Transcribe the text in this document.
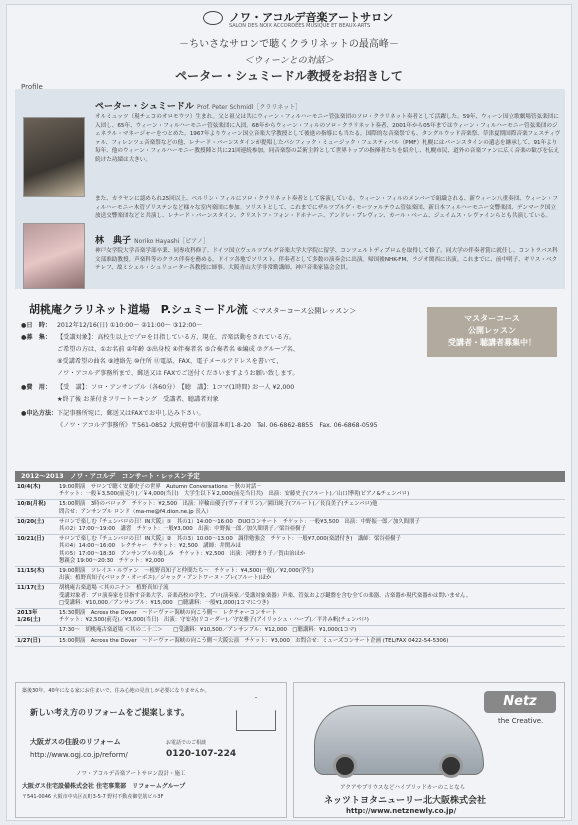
ノワ・アコルデ音楽アートサロン
SALON DES NOIX ACCORDEES MUSIQUE ET BEAUX-ARTS
－ちいさなサロンで聴くクラリネットの最高峰－
＜ウィーンとの対話＞
ペーター・シュミードル教授をお招きして
Profile
ペーター・シュミードル Prof. Peter Schmidl［クラリネット］
オルミュッツ（現チェコのオロモウツ）生まれ。父と祖父は共にウィーン・フィルハーモニー管弦楽団のソロ・クラリネット奏者として活躍した。59年、ウィーン国立歌劇場管弦楽団に入団し、65年、ウィーン・フィルハーモニー管弦楽団に入団。68年からウィーン・フィルのソロ・クラリネット奏者、2001年から05年まではウィーン・フィルハーモニー管弦楽団のジェネラル・マネージャーをつとめた。1967年よりウィーン国立音楽大学教授として後進の指導にも当たる。国際的な音楽祭でも、タングルウッド音楽祭、草津夏期国際音楽フェスティヴァル、フィレンツェ音楽祭などの他、レナード・バーンスタインが提唱したパシフィック・ミュージック・フェスティバル（PMF）札幌にはバーンスタインの遺志を継承して、91年より毎年、他のウィーン・フィルハーモニー教授陣と共に21回連続参加。同音楽祭の芸術主幹として世界トップの指揮者たちを紹介し、札幌市民、道外の音楽ファンに広く音楽の歓びを伝え続けた功績は大きい。
また、カラヤンに認められ25回以上、ベルリン・フィルにソロ・クラリネット奏者として客演している。ウィーン・フィルのメンバーで組織される、新ウィーン八重奏団、ウィーン・フィルハーモニー木管ゾリステンなど様々な室内楽団に参加。ソリストとして、これまでにザルツブルグ・モーツァルテウム管弦楽団、新日本フィルハーモニー交響楽団、デンマーク国立放送交響楽団などと共演し、レナード・バーンスタイン、クリストフ・フォン・ドホナーニ、アンドレ・プレヴィン、カール・ベーム、ジェイムス・レヴァインらとも共演している。
林　典子 Noriko Hayashi［ピアノ］
神戸女学院大学音楽学部卒業、同専攻科修了。ドイツ国立ヴュルツブルグ音楽大学大学院に留学、コンツェルトディプロムを取得して修了。同大学の伴奏者賞に就任し、コントラバス科文部准助教授。声楽科等のクラス伴奏を務める。ドイツ各地でソリスト、伴奏者として多数の演奏会に出演。帰国後NHK-FM、ラジオ関西に出演。これまでに、前中明子、ギリス・ベクテレフ、故ミシェル・シュリューター各教授に師事。大阪青山大学非常勤講師、神戸音楽家協会会員。
胡桃庵クラリネット道場　P.シュミードル流 ＜マスターコース公開レッスン＞
マスターコース
公開レッスン
受講者・聴講者募集中！
●日　時： 2012年12/16(日) ①10:00～ ②11:00～ ③12:00～
●募　集： 【受講対象】：高校生以上でプロを目指している方、現在、音楽活動をされている方。
ご希望の方は、①お名前 ②年齢 ③出身校 ④伴奏者名 ⑤合奏者名 ⑥編成 ⑦グループ名、
⑧受講希望の曲名 ⑨連絡先 ⑩住所 ⑪電話、FAX、電子メールアドレスを書いて、
ノワ・アコルデ事務所まで、郵送又は FAXでご送付くださいますようお願い致します。
●費　用： 【受　講】：ソロ・アンサンブル（各60分）　【聴　講】：1コマ(1時間) お一人 ¥2,000
★終了後 お茶付きフリートーキング　受講者、聴講者対象
●申込方法：下記事務所宛に、郵送又はFAXでお申し込み下さい。
《ノワ・アコルデ事務所》〒561-0852 大阪府豊中市服部本町1-8-20　Tel. 06-6862-8855　Fax. 06-6868-0595
2012～2013　ノワ・アコルデ　コンサート・レッスン予定
10/4(木)	19:00開演　サロンで聴く安藤史子の世界　Autumn Conversations －秋の対話－
チケット：一般￥3,500(前売り)／￥4,000(当日)　大学生以下￥2,000(前売当日共)　出演：安藤史子(フルート)／山口博明(ピアノ&チェンバロ)
10/8(月祝)	15:00開演　3時のバロック　チケット：¥2,500　出演：岸輪山優子(ヴァイオリン)／園田純子(フルート)／長良美子(チェンバロ)他
問合せ：アンサンブル ロンド（ma-me@f4.dion.ne.jp 長入）
10/20(土)	サロンで楽しむ『チェンバロの日！IN大阪』①　其の1）14:00～16:00　DUOコンサート　チケット：一般¥3,500　出演：中野振一郎／加久間朋子
其の2）17:00～19:00　講習　チケット：一般¥3,000　出演：中野振一郎／加久間朋子／梁谷亜樹子
10/21(日)	サロンで楽しむ『チェンバロの日！IN大阪』②　其の3）10:00～13:00　調律勉強会　チケット：一般¥7,000(楽譜付き)　講師：梁谷亜樹子
其の4）14:00～16:00　レクチャー　チケット：¥2,500　講師：井関みほ
其の5）17:00～18:30　アンサンブルの楽しみ　チケット：¥2,500　出演：河野まり子／賀由治ほか
懇親会 19:00～20:30　チケット：¥2,000
11/15(木)	19:00開演　ソレイユ・ルヴァン　～植野真知子と仲間たち～　チケット：¥4,500(一般)／¥2,000(学生)
出演：植野真知子(バロック・オーボエ)／ジャック・アントワーヌ・ブレ(フルート)ほか
11/17(土)	胡桃庵古楽道場 ＜其のニナ＞　植野真知子流
受講対象者：プロ演奏家を目指す音楽大学、音楽高校の学生、プロ(演奏家／受講対象楽器）声楽、管弦および鍵盤を含む全ての楽器、古楽器か現代楽器かは問いません。
□受講料：¥10,000／アンサンブル：¥15,000　□聴講料：一般¥1,000(1コマにつき)
2013年 1/26(土)
15:30開演　Across the Dover　～ドーヴァー海峡の向こう側～　レクチャーコンサート
チケット：¥2,500(前売)／¥3,000(当日)　出演：守安功(リコーダー)／守安雅子(アイリッシュ・ハープ)／平井み帆(チェンバロ)
17:30～　胡桃庵古楽道場 ＜其の二十二＞　　□受講料：¥10,500／アンサンブル：¥12,000　□聴講料：¥1,000(1コマ)
1/27(日)	15:00開演　Across the Dover　～ドーヴァー海峡の向こう側～大阪公演　チケット：¥3,000　お問合せ：ミューズコンサート企画 (TEL/FAX 0422-54-5306)
築後30年、40年になる家にお住まいで、住み心地の見直しが必要になりませんか。
新しい考え方のリフォームをご提案します。
大阪ガスの住設のリフォーム
http://www.ogj.co.jp/reform/
お電話でのご相談
0120-107-224
ノワ・アコルデ音楽アートサロン設計・施工
大阪ガス住宅設備株式会社 住宅事業部　リフォームグループ
〒541-0046 大阪市中央区瓦町3-5-7 野村不動産御堂筋ビル3F
Netz
the Creative.
アクアやプリウスなどハイブリッドカーのことなら
ネッツトヨタニューリー北大阪株式会社
http://www.netznewly.co.jp/
